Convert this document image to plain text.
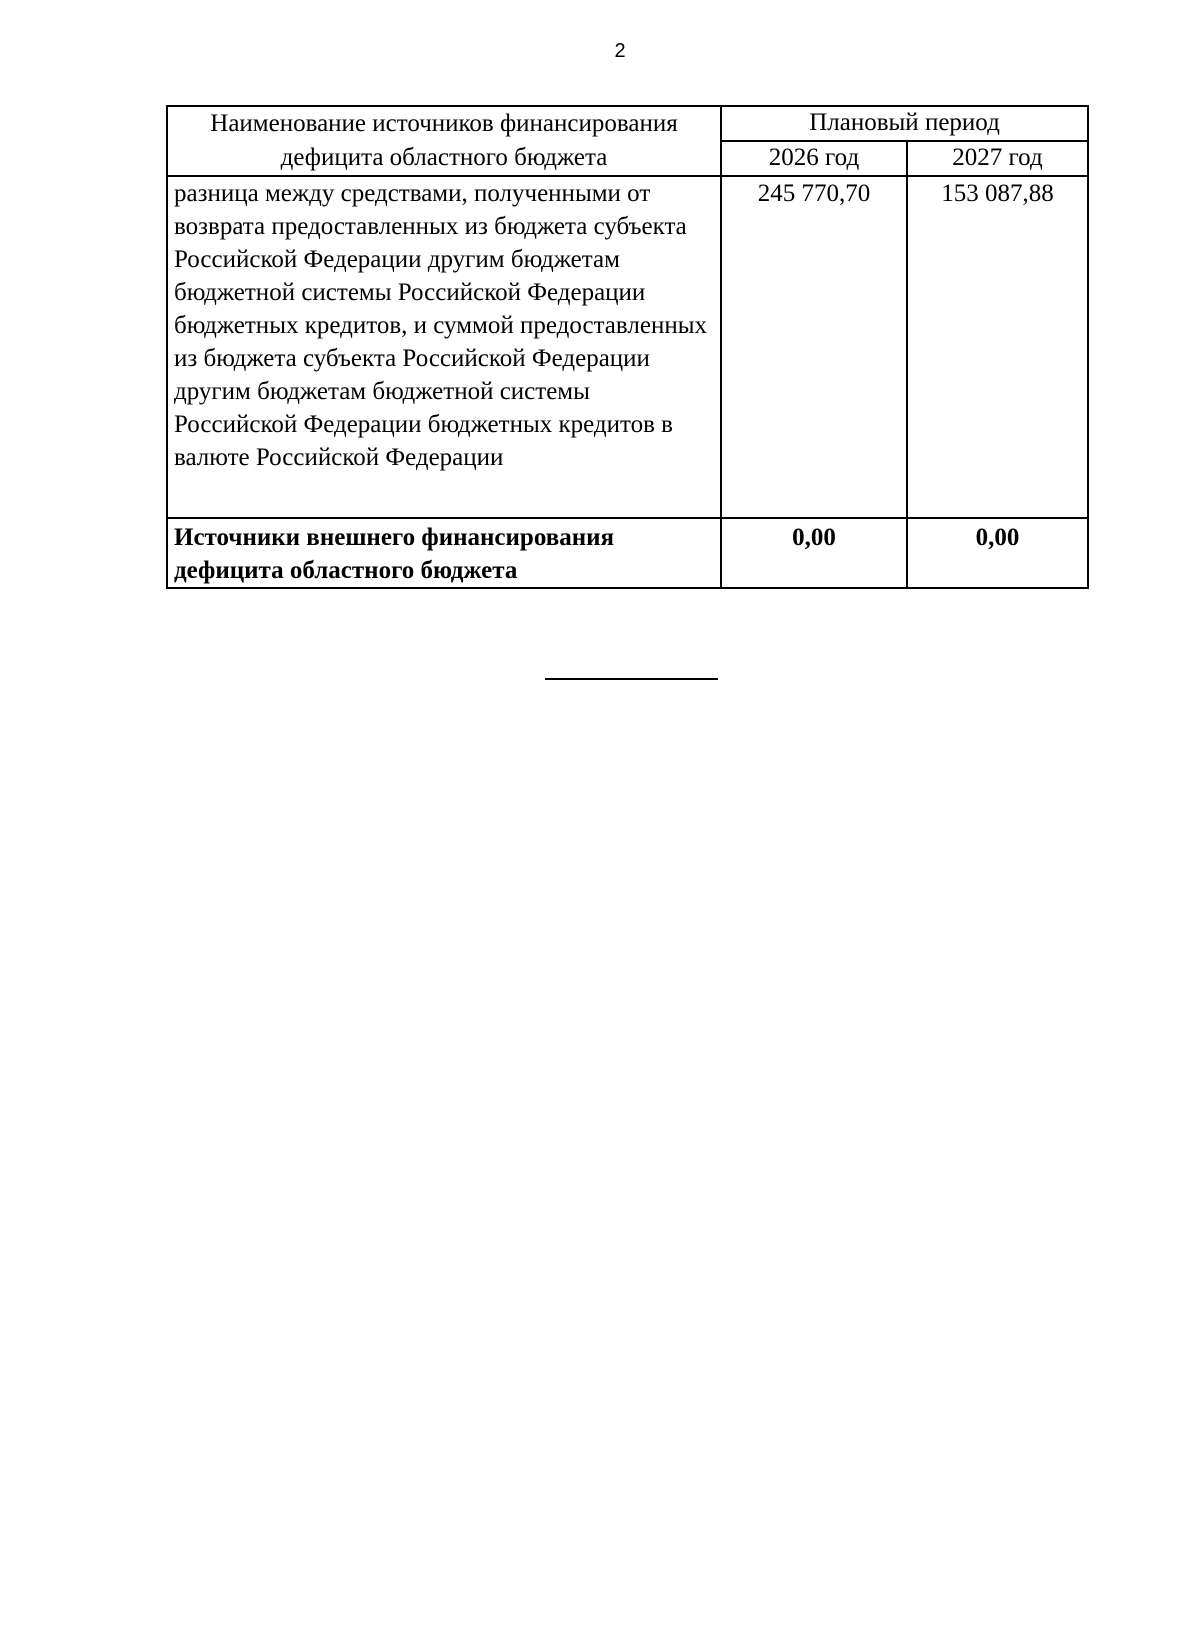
2
Наименование источников финансирования дефицита областного бюджета	Плановый период	
	2026 год	2027 год
разница между средствами, полученными от возврата предоставленных из бюджета субъекта Российской Федерации другим бюджетам бюджетной системы Российской Федерации бюджетных кредитов, и суммой предоставленных из бюджета субъекта Российской Федерации другим бюджетам бюджетной системы Российской Федерации бюджетных кредитов в валюте Российской Федерации	245 770,70	153 087,88
Источники внешнего финансирования дефицита областного бюджета	0,00	0,00
